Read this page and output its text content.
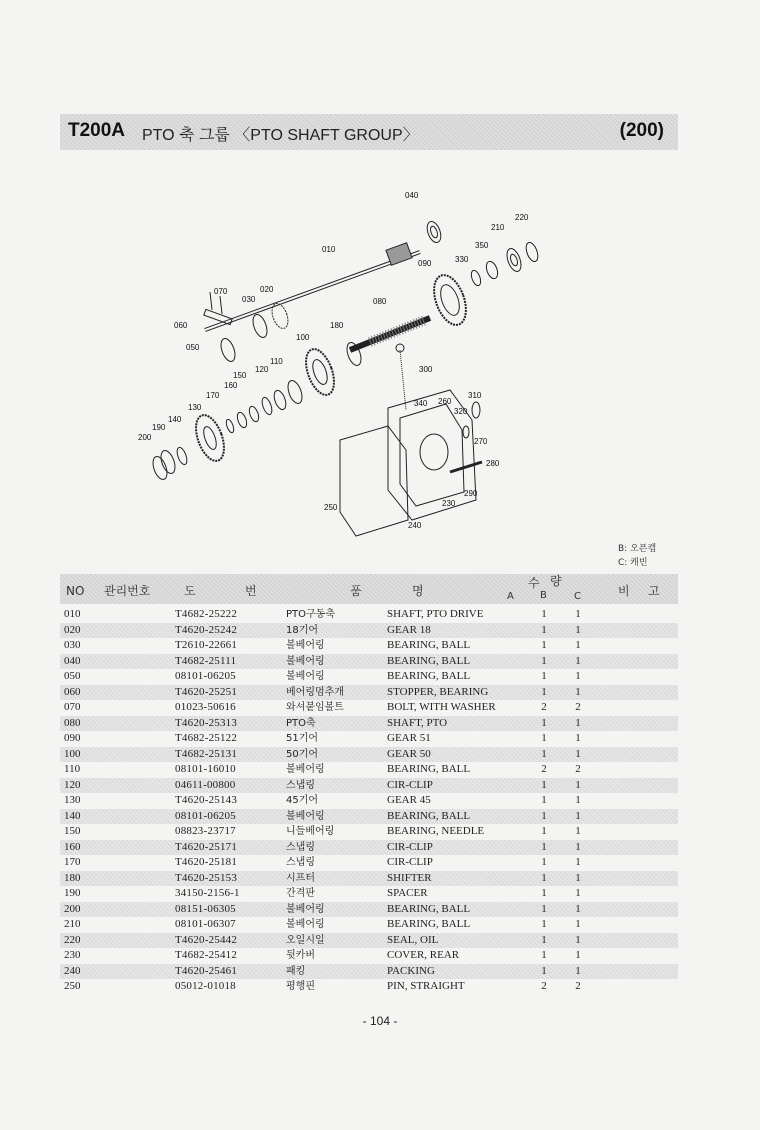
T200A PTO 축 그룹 〈PTO SHAFT GROUP〉	(200)
040
220
210
010	350
330
090
070	020
030	080
060	180
100
050
110
120
150
300
160
170	310
340 260
130	320
140
190
270
200
280
290
230
250
240
B: 오픈캡
C: 캐빈
NO 관리번호	도	번	품	명
수 량
A	B	C	비 고
010	T4682-25222	PTO구동축	SHAFT, PTO DRIVE	1	1
020	T4620-25242	18기어	GEAR 18	1	1
030	T2610-22661	볼베어링	BEARING, BALL	1	1
040	T4682-25111	볼베어링	BEARING, BALL	1	1
050	08101-06205	볼베어링	BEARING, BALL	1	1
060	T4620-25251	베어링멈추개	STOPPER, BEARING	1	1
070	01023-50616	와셔붙임볼트	BOLT, WITH WASHER	2	2
080	T4620-25313	PTO축	SHAFT, PTO	1	1
090	T4682-25122	51기어	GEAR 51	1	1
100	T4682-25131	50기어	GEAR 50	1	1
110	08101-16010	볼베어링	BEARING, BALL	2	2
120	04611-00800	스냅링	CIR-CLIP	1	1
130	T4620-25143	45기어	GEAR 45	1	1
140	08101-06205	볼베어링	BEARING, BALL	1	1
150	08823-23717	니들베어링	BEARING, NEEDLE	1	1
160	T4620-25171	스냅링	CIR-CLIP	1	1
170	T4620-25181	스냅링	CIR-CLIP	1	1
180	T4620-25153	시프터	SHIFTER	1	1
190	34150-2156-1	간격판	SPACER	1	1
200	08151-06305	볼베어링	BEARING, BALL	1	1
210	08101-06307	볼베어링	BEARING, BALL	1	1
220	T4620-25442	오일시일	SEAL, OIL	1	1
230	T4682-25412	뒷카버	COVER, REAR	1	1
240	T4620-25461	패킹	PACKING	1	1
250	05012-01018	평행핀	PIN, STRAIGHT	2	2
- 104 -
